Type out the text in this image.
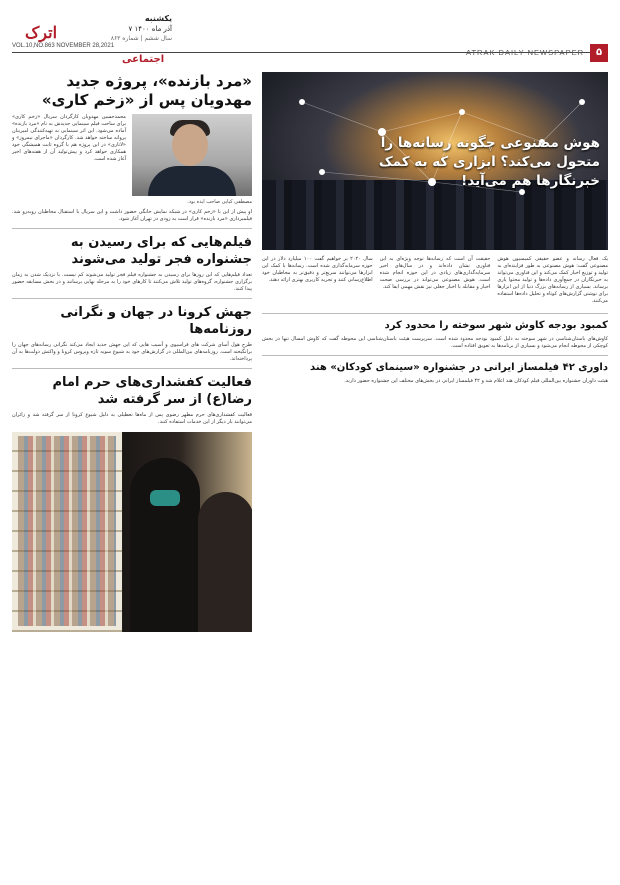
اترک
یکشنبه
۷ آذر ماه ۱۴۰۰
سال ششم | شماره ۸۶۳
VOL.10,NO.863 NOVEMBER 28,2021
اجتماعی
ATRAK DAILY NEWSPAPER	۵
«مرد بازنده»، پروژه جدید مهدویان پس از «زخم کاری»
محمدحسین مهدویان کارگردان سریال «زخم کاری» برای ساخت فیلم سینمایی جدیدش به نام «مرد بازنده» آماده می‌شود. این اثر سینمایی به تهیه‌کنندگی امیربنان پروانه ساخته خواهد شد. کارگردان «ماجرای نیمروز» و «لاتاری» در این پروژه هم با گروه ثابت همیشگی خود همکاری خواهد کرد و پیش‌تولید آن از هفته‌های اخیر آغاز شده است.
مصطفی کیایی صاحب ایده بود.
او پیش از این با «زخم کاری» در شبکه نمایش خانگی حضور داشت و این سریال با استقبال مخاطبان روبه‌رو شد. فیلمبرداری «مرد بازنده» قرار است به زودی در تهران آغاز شود.
فیلم‌هایی که برای رسیدن به جشنواره فجر تولید می‌شوند
تعداد فیلم‌هایی که این روزها برای رسیدن به جشنواره فیلم فجر تولید می‌شوند کم نیست. با نزدیک شدن به زمان برگزاری جشنواره، گروه‌های تولید تلاش می‌کنند تا کارهای خود را به مرحله نهایی برسانند و در بخش مسابقه حضور پیدا کنند.
جهش کرونا در جهان و نگرانی روزنامه‌ها
طرح هول آسای شرکت های فراسیوی و آسیب هایی که این جهش جدید ایجاد می‌کند نگرانی رسانه‌های جهان را برانگیخته است. روزنامه‌های بین‌المللی در گزارش‌های خود به شیوع سویه تازه ویروس کرونا و واکنش دولت‌ها به آن پرداخته‌اند.
فعالیت کفشداری‌های حرم امام رضا(ع) از سر گرفته شد
فعالیت کفشداری‌های حرم مطهر رضوی پس از ماه‌ها تعطیلی به دلیل شیوع کرونا از سر گرفته شد و زائران می‌توانند بار دیگر از این خدمات استفاده کنند.
هوش مصنوعی چگونه رسانه‌ها را متحول می‌کند؟ ابزاری که به کمک خبرنگارها هم می‌آید!
یک فعال رسانه و عضو حقیقی کمیسیون هوش مصنوعی گفت: هوش مصنوعی به طور فزاینده‌ای به تولید و توزیع اخبار کمک می‌کند و این فناوری می‌تواند به خبرنگاران در جمع‌آوری داده‌ها و تولید محتوا یاری برساند. بسیاری از رسانه‌های بزرگ دنیا از این ابزارها برای نوشتن گزارش‌های کوتاه و تحلیل داده‌ها استفاده می‌کنند.
حقیقت آن است که رسانه‌ها توجه ویژه‌ای به این فناوری نشان داده‌اند و در سال‌های اخیر سرمایه‌گذاری‌های زیادی در این حوزه انجام شده است. هوش مصنوعی می‌تواند در بررسی صحت اخبار و مقابله با اخبار جعلی نیز نقش مهمی ایفا کند.
سال ۲۰۲۰ بر خواهیم گفت ۱۰۰ میلیارد دلار در این حوزه سرمایه‌گذاری شده است. رسانه‌ها با کمک این ابزارها می‌توانند سریع‌تر و دقیق‌تر به مخاطبان خود اطلاع‌رسانی کنند و تجربه کاربری بهتری ارائه دهند.
کمبود بودجه کاوش شهر سوخته را محدود کرد
کاوش‌های باستان‌شناسی در شهر سوخته به دلیل کمبود بودجه محدود شده است. سرپرست هیئت باستان‌شناسی این محوطه گفت که کاوش امسال تنها در بخش کوچکی از محوطه انجام می‌شود و بسیاری از برنامه‌ها به تعویق افتاده است.
داوری ۴۲ فیلمساز ایرانی در جشنواره «سینمای کودکان» هند
هیئت داوران جشنواره بین‌المللی فیلم کودکان هند اعلام شد و ۴۲ فیلمساز ایرانی در بخش‌های مختلف این جشنواره حضور دارند.
